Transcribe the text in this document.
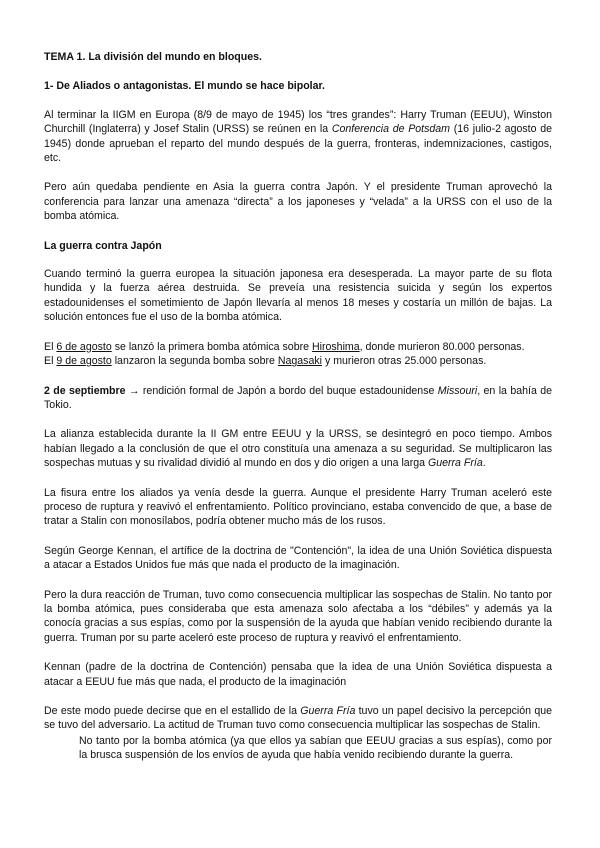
TEMA 1. La división del mundo en bloques.

1- De Aliados o antagonistas. El mundo se hace bipolar.

Al terminar la IIGM en Europa (8/9 de mayo de 1945) los “tres grandes”: Harry Truman (EEUU), Winston Churchill (Inglaterra) y Josef Stalin (URSS) se reúnen en la Conferencia de Potsdam (16 julio-2 agosto de 1945) donde aprueban el reparto del mundo después de la guerra, fronteras, indemnizaciones, castigos, etc.

Pero aún quedaba pendiente en Asia la guerra contra Japón. Y el presidente Truman aprovechó la conferencia para lanzar una amenaza “directa” a los japoneses y “velada” a la URSS con el uso de la bomba atómica.

La guerra contra Japón

Cuando terminó la guerra europea la situación japonesa era desesperada. La mayor parte de su flota hundida y la fuerza aérea destruida. Se preveía una resistencia suicida y según los expertos estadounidenses el sometimiento de Japón llevaría al menos 18 meses y costaría un millón de bajas. La solución entonces fue el uso de la bomba atómica.

El 6 de agosto se lanzó la primera bomba atómica sobre Hiroshima, donde murieron 80.000 personas.
El 9 de agosto lanzaron la segunda bomba sobre Nagasaki y murieron otras 25.000 personas.

2 de septiembre → rendición formal de Japón a bordo del buque estadounidense Missouri, en la bahía de Tokio.

La alianza establecida durante la II GM entre EEUU y la URSS, se desintegró en poco tiempo. Ambos habían llegado a la conclusión de que el otro constituía una amenaza a su seguridad. Se multiplicaron las sospechas mutuas y su rivalidad dividió al mundo en dos y dio origen a una larga Guerra Fría.

La fisura entre los aliados ya venía desde la guerra. Aunque el presidente Harry Truman aceleró este proceso de ruptura y reavivó el enfrentamiento. Político provinciano, estaba convencido de que, a base de tratar a Stalin con monosílabos, podría obtener mucho más de los rusos.

Según George Kennan, el artífice de la doctrina de "Contención", la idea de una Unión Soviética dispuesta a atacar a Estados Unidos fue más que nada el producto de la imaginación.

Pero la dura reacción de Truman, tuvo como consecuencia multiplicar las sospechas de Stalin. No tanto por la bomba atómica, pues consideraba que esta amenaza solo afectaba a los “débiles” y además ya la conocía gracias a sus espías, como por la suspensión de la ayuda que habían venido recibiendo durante la guerra. Truman por su parte aceleró este proceso de ruptura y reavivó el enfrentamiento.

Kennan (padre de la doctrina de Contención) pensaba que la idea de una Unión Soviética dispuesta a atacar a EEUU fue más que nada, el producto de la imaginación

De este modo puede decirse que en el estallido de la Guerra Fría tuvo un papel decisivo la percepción que se tuvo del adversario. La actitud de Truman tuvo como consecuencia multiplicar las sospechas de Stalin.

No tanto por la bomba atómica (ya que ellos ya sabían que EEUU gracias a sus espías), como por la brusca suspensión de los envíos de ayuda que había venido recibiendo durante la guerra.
